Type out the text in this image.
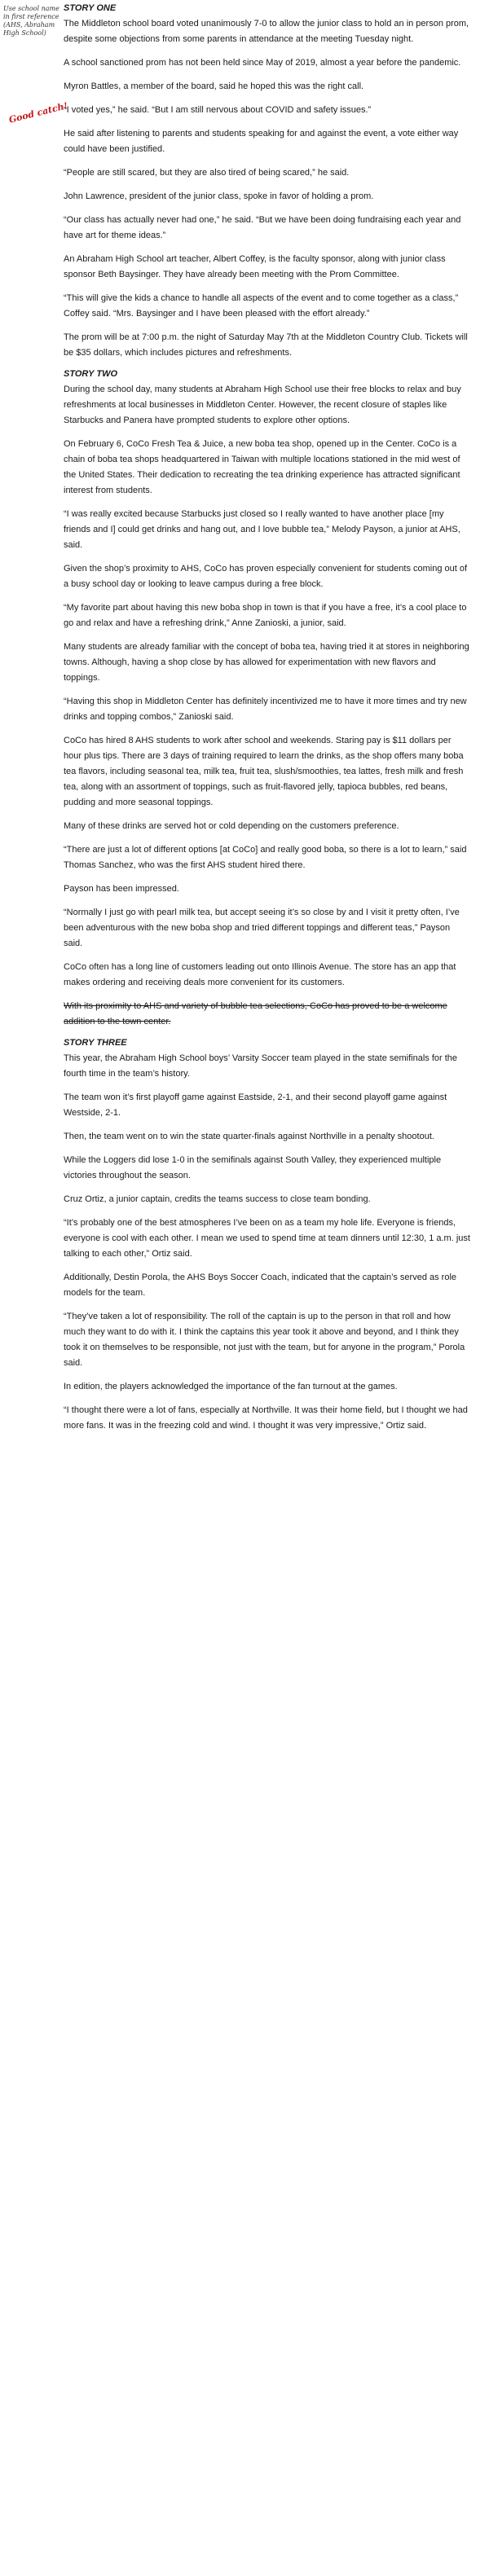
Use school name in first reference (AHS, Abraham High School)
Good catch!
STORY ONE

The Middleton school board voted unanimously 7-0 to allow the junior class to hold an in person prom, despite some objections from some parents in attendance at the meeting Tuesday night.

A school sanctioned prom has not been held since May of 2019, almost a year before the pandemic.

Myron Battles, a member of the board, said he hoped this was the right call.

“I voted yes,” he said. “But I am still nervous about COVID and safety issues.”

He said after listening to parents and students speaking for and against the event, a vote either way could have been justified.

“People are still scared, but they are also tired of being scared,” he said.

John Lawrence, president of the junior class, spoke in favor of holding a prom.

“Our class has actually never had one,” he said. “But we have been doing fundraising each year and have art for theme ideas.”

An Abraham High School art teacher, Albert Coffey, is the faculty sponsor, along with junior class sponsor Beth Baysinger. They have already been meeting with the Prom Committee.

“This will give the kids a chance to handle all aspects of the event and to come together as a class,” Coffey said. “Mrs. Baysinger and I have been pleased with the effort already.”

The prom will be at 7:00 p.m. the night of Saturday May 7th at the Middleton Country Club. Tickets will be $35 dollars, which includes pictures and refreshments.

STORY TWO

During the school day, many students at Abraham High School use their free blocks to relax and buy refreshments at local businesses in Middleton Center. However, the recent closure of staples like Starbucks and Panera have prompted students to explore other options.

On February 6, CoCo Fresh Tea & Juice, a new boba tea shop, opened up in the Center. CoCo is a chain of boba tea shops headquartered in Taiwan with multiple locations stationed in the mid west of the United States. Their dedication to recreating the tea drinking experience has attracted significant interest from students.

“I was really excited because Starbucks just closed so I really wanted to have another place [my friends and I] could get drinks and hang out, and I love bubble tea,” Melody Payson, a junior at AHS, said.

Given the shop’s proximity to AHS, CoCo has proven especially convenient for students coming out of a busy school day or looking to leave campus during a free block.

“My favorite part about having this new boba shop in town is that if you have a free, it’s a cool place to go and relax and have a refreshing drink,” Anne Zanioski, a junior, said.

Many students are already familiar with the concept of boba tea, having tried it at stores in neighboring towns. Although, having a shop close by has allowed for experimentation with new flavors and toppings.

“Having this shop in Middleton Center has definitely incentivized me to have it more times and try new drinks and topping combos,” Zanioski said.

CoCo has hired 8 AHS students to work after school and weekends. Staring pay is $11 dollars per hour plus tips. There are 3 days of training required to learn the drinks, as the shop offers many boba tea flavors, including seasonal tea, milk tea, fruit tea, slush/smoothies, tea lattes, fresh milk and fresh tea, along with an assortment of toppings, such as fruit-flavored jelly, tapioca bubbles, red beans, pudding and more seasonal toppings.

Many of these drinks are served hot or cold depending on the customers preference.

“There are just a lot of different options [at CoCo] and really good boba, so there is a lot to learn,” said Thomas Sanchez, who was the first AHS student hired there.

Payson has been impressed.

“Normally I just go with pearl milk tea, but accept seeing it’s so close by and I visit it pretty often, I’ve been adventurous with the new boba shop and tried different toppings and different teas,” Payson said.

CoCo often has a long line of customers leading out onto Illinois Avenue. The store has an app that makes ordering and receiving deals more convenient for its customers.

With its proximity to AHS and variety of bubble tea selections, CoCo has proved to be a welcome addition to the town center.

STORY THREE

This year, the Abraham High School boys’ Varsity Soccer team played in the state semifinals for the fourth time in the team’s history.

The team won it’s first playoff game against Eastside, 2-1, and their second playoff game against Westside, 2-1.

Then, the team went on to win the state quarter-finals against Northville in a penalty shootout.

While the Loggers did lose 1-0 in the semifinals against South Valley, they experienced multiple victories throughout the season.

Cruz Ortiz, a junior captain, credits the teams success to close team bonding.

“It’s probably one of the best atmospheres I’ve been on as a team my hole life. Everyone is friends, everyone is cool with each other. I mean we used to spend time at team dinners until 12:30, 1 a.m. just talking to each other,” Ortiz said.

Additionally, Destin Porola, the AHS Boys Soccer Coach, indicated that the captain’s served as role models for the team.

“They’ve taken a lot of responsibility. The roll of the captain is up to the person in that roll and how much they want to do with it. I think the captains this year took it above and beyond, and I think they took it on themselves to be responsible, not just with the team, but for anyone in the program,” Porola said.

In edition, the players acknowledged the importance of the fan turnout at the games.

“I thought there were a lot of fans, especially at Northville. It was their home field, but I thought we had more fans. It was in the freezing cold and wind. I thought it was very impressive,” Ortiz said.
